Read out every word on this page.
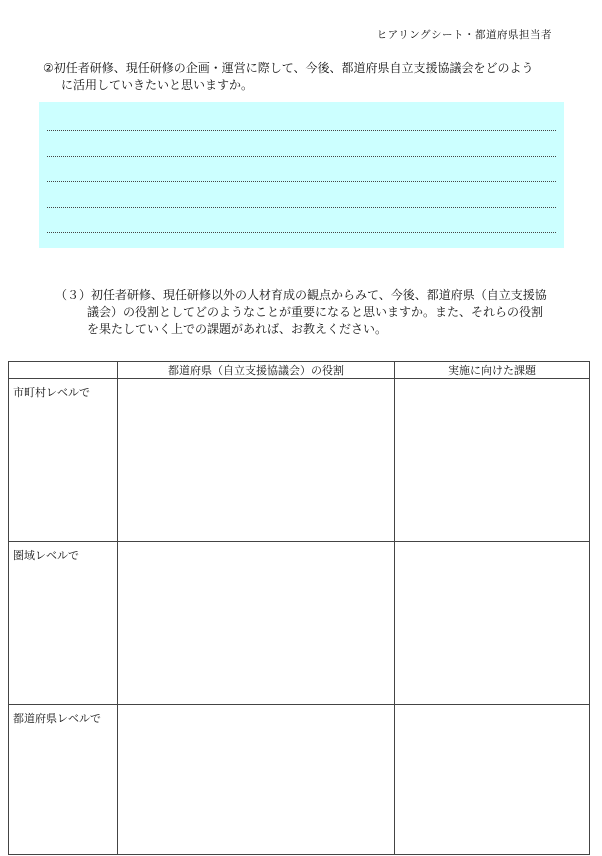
ヒアリングシート・都道府県担当者
②初任者研修、現任研修の企画・運営に際して、今後、都道府県自立支援協議会をどのよう
に活用していきたいと思いますか。
（３）初任者研修、現任研修以外の人材育成の観点からみて、今後、都道府県（自立支援協
議会）の役割としてどのようなことが重要になると思いますか。また、それらの役割
を果たしていく上での課題があれば、お教えください。
	都道府県（自立支援協議会）の役割	実施に向けた課題
市町村レベルで		
圏域レベルで		
都道府県レベルで		
